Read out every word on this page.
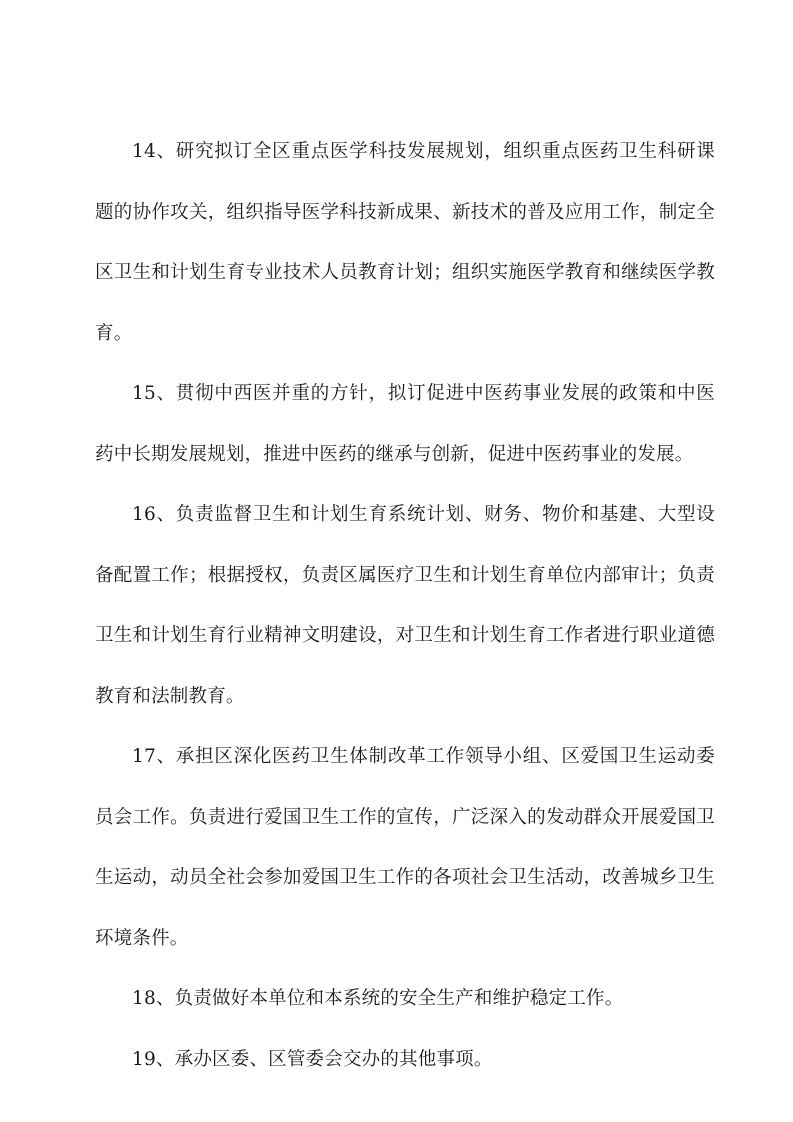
14、研究拟订全区重点医学科技发展规划，组织重点医药卫生科研课题的协作攻关，组织指导医学科技新成果、新技术的普及应用工作，制定全区卫生和计划生育专业技术人员教育计划；组织实施医学教育和继续医学教育。

15、贯彻中西医并重的方针，拟订促进中医药事业发展的政策和中医药中长期发展规划，推进中医药的继承与创新，促进中医药事业的发展。

16、负责监督卫生和计划生育系统计划、财务、物价和基建、大型设备配置工作；根据授权，负责区属医疗卫生和计划生育单位内部审计；负责卫生和计划生育行业精神文明建设，对卫生和计划生育工作者进行职业道德教育和法制教育。

17、承担区深化医药卫生体制改革工作领导小组、区爱国卫生运动委员会工作。负责进行爱国卫生工作的宣传，广泛深入的发动群众开展爱国卫生运动，动员全社会参加爱国卫生工作的各项社会卫生活动，改善城乡卫生环境条件。

18、负责做好本单位和本系统的安全生产和维护稳定工作。

19、承办区委、区管委会交办的其他事项。
